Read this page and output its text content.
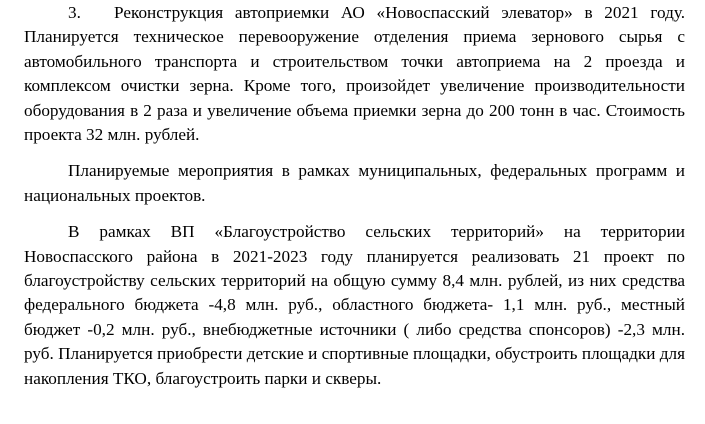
3. Реконструкция автоприемки АО «Новоспасский элеватор» в 2021 году. Планируется техническое перевооружение отделения приема зернового сырья с автомобильного транспорта и строительством точки автоприема на 2 проезда и комплексом очистки зерна. Кроме того, произойдет увеличение производительности оборудования в 2 раза и увеличение объема приемки зерна до 200 тонн в час. Стоимость проекта 32 млн. рублей.

Планируемые мероприятия в рамках муниципальных, федеральных программ и национальных проектов.

В рамках ВП «Благоустройство сельских территорий» на территории Новоспасского района в 2021-2023 году планируется реализовать 21 проект по благоустройству сельских территорий на общую сумму 8,4 млн. рублей, из них средства федерального бюджета -4,8 млн. руб., областного бюджета- 1,1 млн. руб., местный бюджет -0,2 млн. руб., внебюджетные источники ( либо средства спонсоров) -2,3 млн. руб. Планируется приобрести детские и спортивные площадки, обустроить площадки для накопления ТКО, благоустроить парки и скверы.
